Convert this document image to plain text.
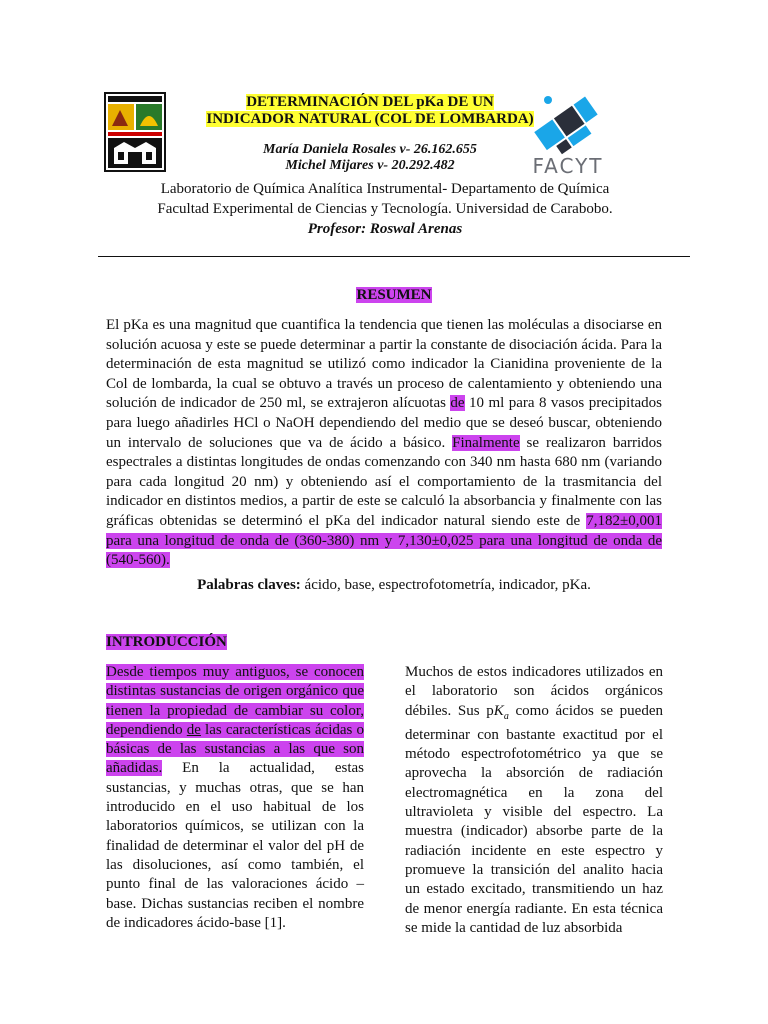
FACYT
DETERMINACIÓN DEL pKa DE UN
INDICADOR NATURAL (COL DE LOMBARDA)
María Daniela Rosales v- 26.162.655
Michel Mijares v- 20.292.482
Laboratorio de Química Analítica Instrumental- Departamento de Química
Facultad Experimental de Ciencias y Tecnología. Universidad de Carabobo.
Profesor: Roswal Arenas
RESUMEN
El pKa es una magnitud que cuantifica la tendencia que tienen las moléculas a disociarse en solución acuosa y este se puede determinar a partir la constante de disociación ácida. Para la determinación de esta magnitud se utilizó como indicador la Cianidina proveniente de la Col de lombarda, la cual se obtuvo a través un proceso de calentamiento y obteniendo una solución de indicador de 250 ml, se extrajeron alícuotas de 10 ml para 8 vasos precipitados para luego añadirles HCl o NaOH dependiendo del medio que se deseó buscar, obteniendo un intervalo de soluciones que va de ácido a básico. Finalmente se realizaron barridos espectrales a distintas longitudes de ondas comenzando con 340 nm hasta 680 nm (variando para cada longitud 20 nm) y obteniendo así el comportamiento de la trasmitancia del indicador en distintos medios, a partir de este se calculó la absorbancia y finalmente con las gráficas obtenidas se determinó el pKa del indicador natural siendo este de 7,182±0,001 para una longitud de onda de (360-380) nm y 7,130±0,025 para una longitud de onda de (540-560).
Palabras claves: ácido, base, espectrofotometría, indicador, pKa.
INTRODUCCIÓN
Desde tiempos muy antiguos, se conocen distintas sustancias de origen orgánico que tienen la propiedad de cambiar su color, dependiendo de las características ácidas o básicas de las sustancias a las que son añadidas. En la actualidad, estas sustancias, y muchas otras, que se han introducido en el uso habitual de los laboratorios químicos, se utilizan con la finalidad de determinar el valor del pH de las disoluciones, así como también, el punto final de las valoraciones ácido – base. Dichas sustancias reciben el nombre de indicadores ácido-base [1].
Muchos de estos indicadores utilizados en el laboratorio son ácidos orgánicos débiles. Sus $pK_a$ como ácidos se pueden determinar con bastante exactitud por el método espectrofotométrico ya que se aprovecha la absorción de radiación electromagnética en la zona del ultravioleta y visible del espectro. La muestra (indicador) absorbe parte de la radiación incidente en este espectro y promueve la transición del analito hacia un estado excitado, transmitiendo un haz de menor energía radiante. En esta técnica se mide la cantidad de luz absorbida
